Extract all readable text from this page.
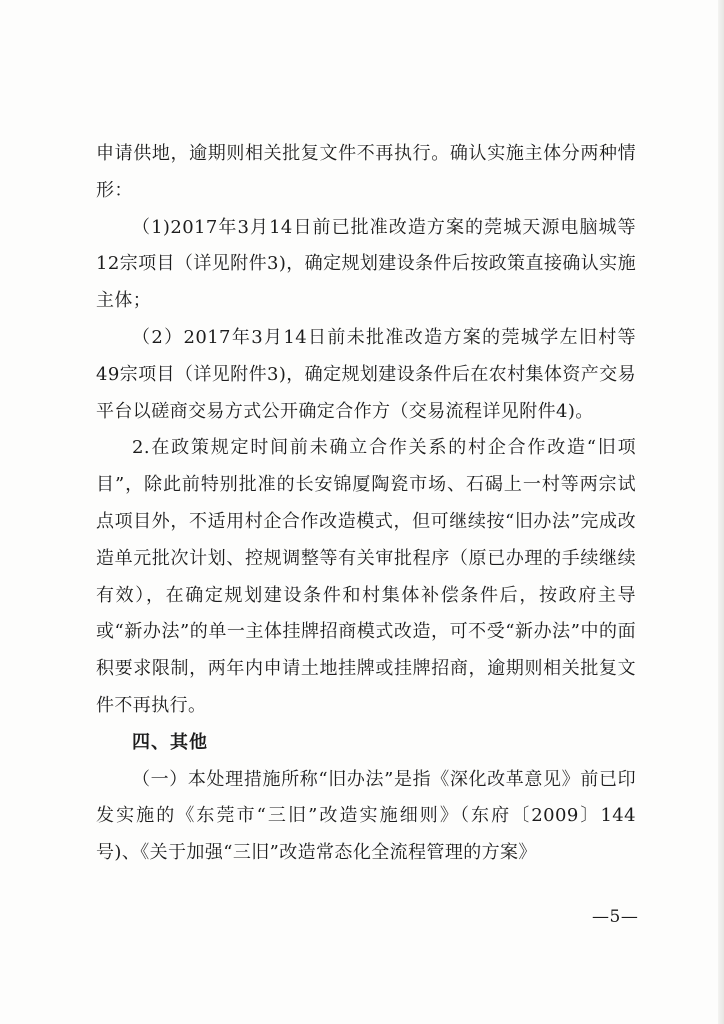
申请供地，逾期则相关批复文件不再执行。确认实施主体分两种情形：

（1)2017年3月14日前已批准改造方案的莞城天源电脑城等12宗项目（详见附件3)，确定规划建设条件后按政策直接确认实施主体；

（2）2017年3月14日前未批准改造方案的莞城学左旧村等49宗项目（详见附件3)，确定规划建设条件后在农村集体资产交易平台以磋商交易方式公开确定合作方（交易流程详见附件4)。

2.在政策规定时间前未确立合作关系的村企合作改造“旧项目”，除此前特别批准的长安锦厦陶瓷市场、石碣上一村等两宗试点项目外，不适用村企合作改造模式，但可继续按“旧办法”完成改造单元批次计划、控规调整等有关审批程序（原已办理的手续继续有效），在确定规划建设条件和村集体补偿条件后，按政府主导或“新办法”的单一主体挂牌招商模式改造，可不受“新办法”中的面积要求限制，两年内申请土地挂牌或挂牌招商，逾期则相关批复文件不再执行。

四、其他

（一）本处理措施所称“旧办法”是指《深化改革意见》前已印发实施的《东莞市“三旧”改造实施细则》（东府〔2009〕144 号)、《关于加强“三旧”改造常态化全流程管理的方案》

—5—
